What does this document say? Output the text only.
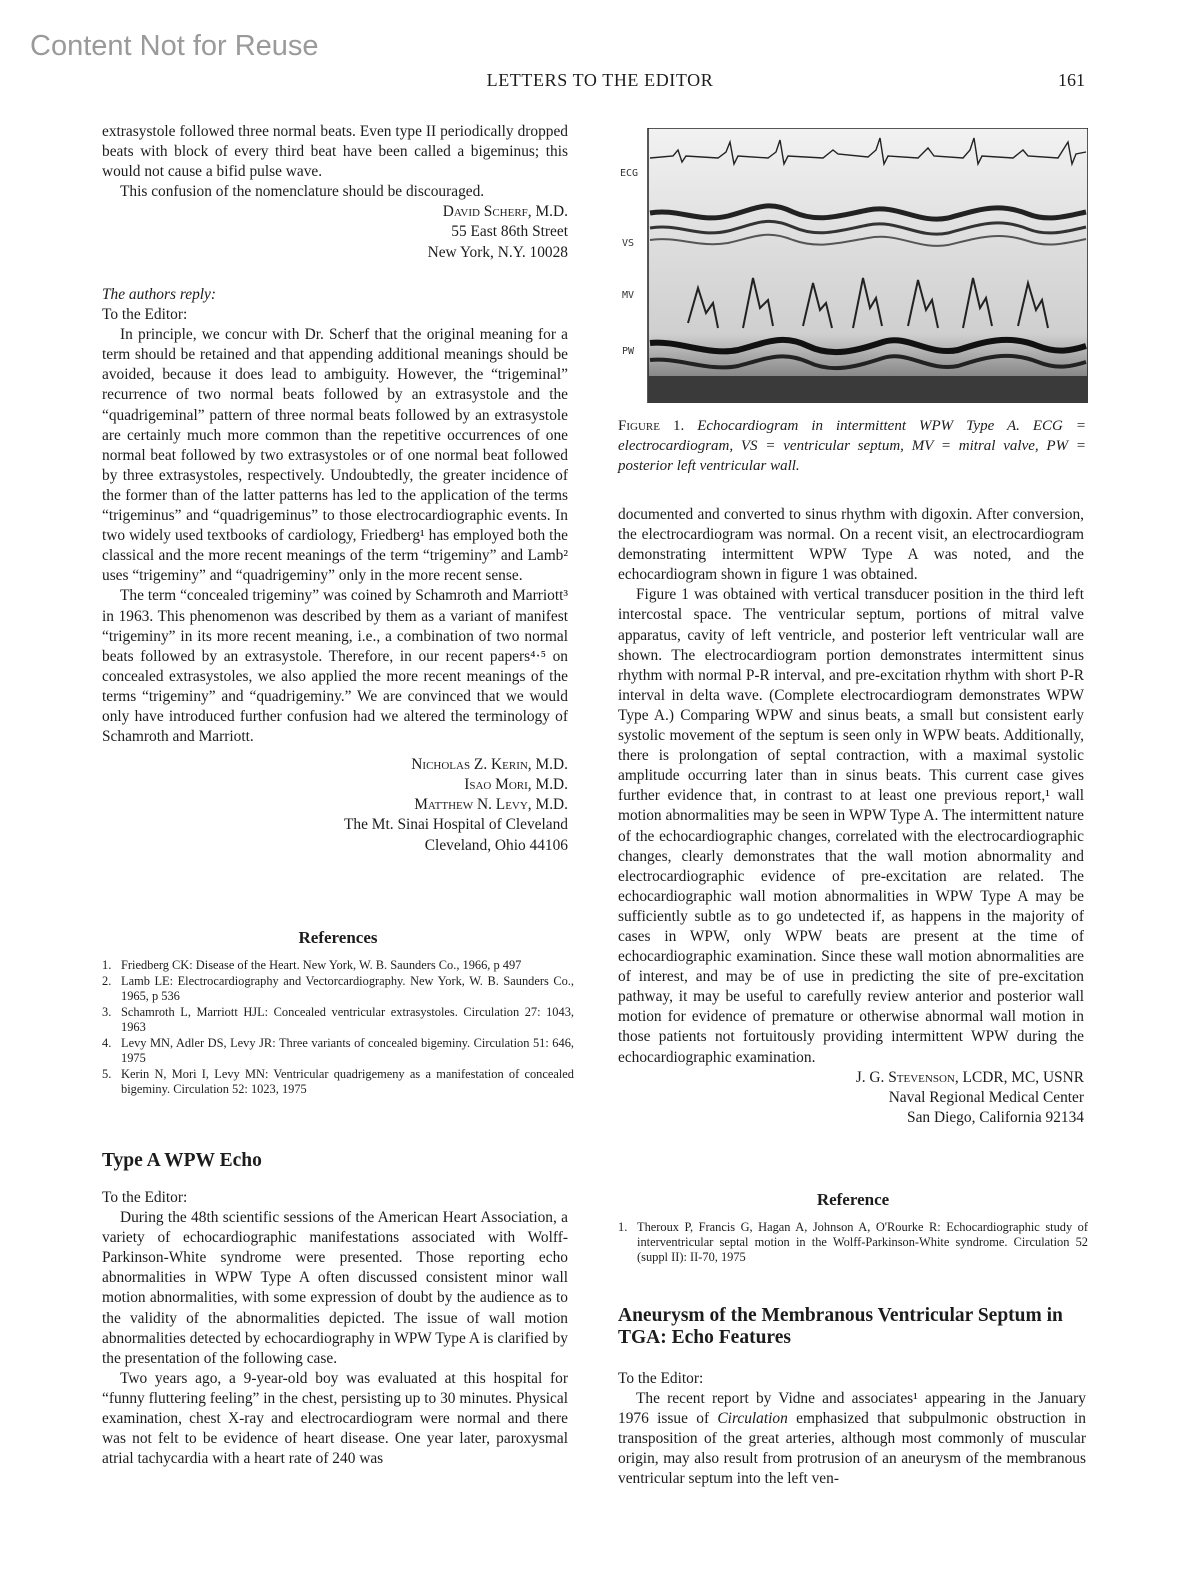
Content Not for Reuse
LETTERS TO THE EDITOR	161

extrasystole followed three normal beats. Even type II periodically dropped beats with block of every third beat have been called a bigeminus; this would not cause a bifid pulse wave.

This confusion of the nomenclature should be discouraged.

David Scherf, M.D.
55 East 86th Street
New York, N.Y. 10028

The authors reply:

To the Editor:

In principle, we concur with Dr. Scherf that the original meaning for a term should be retained and that appending additional meanings should be avoided, because it does lead to ambiguity. However, the “trigeminal” recurrence of two normal beats followed by an extrasystole and the “quadrigeminal” pattern of three normal beats followed by an extrasystole are certainly much more common than the repetitive occurrences of one normal beat followed by two extrasystoles or of one normal beat followed by three extrasystoles, respectively. Undoubtedly, the greater incidence of the former than of the latter patterns has led to the application of the terms “trigeminus” and “quadrigeminus” to those electrocardiographic events. In two widely used textbooks of cardiology, Friedberg¹ has employed both the classical and the more recent meanings of the term “trigeminy” and Lamb² uses “trigeminy” and “quadrigeminy” only in the more recent sense.

The term “concealed trigeminy” was coined by Schamroth and Marriott³ in 1963. This phenomenon was described by them as a variant of manifest “trigeminy” in its more recent meaning, i.e., a combination of two normal beats followed by an extrasystole. Therefore, in our recent papers⁴·⁵ on concealed extrasystoles, we also applied the more recent meanings of the terms “trigeminy” and “quadrigeminy.” We are convinced that we would only have introduced further confusion had we altered the terminology of Schamroth and Marriott.

Nicholas Z. Kerin, M.D.
Isao Mori, M.D.
Matthew N. Levy, M.D.
The Mt. Sinai Hospital of Cleveland
Cleveland, Ohio 44106

References

1. Friedberg CK: Disease of the Heart. New York, W. B. Saunders Co., 1966, p 497
2. Lamb LE: Electrocardiography and Vectorcardiography. New York, W. B. Saunders Co., 1965, p 536
3. Schamroth L, Marriott HJL: Concealed ventricular extrasystoles. Circulation 27: 1043, 1963
4. Levy MN, Adler DS, Levy JR: Three variants of concealed bigeminy. Circulation 51: 646, 1975
5. Kerin N, Mori I, Levy MN: Ventricular quadrigemeny as a manifestation of concealed bigeminy. Circulation 52: 1023, 1975

Type A WPW Echo

To the Editor:

During the 48th scientific sessions of the American Heart Association, a variety of echocardiographic manifestations associated with Wolff-Parkinson-White syndrome were presented. Those reporting echo abnormalities in WPW Type A often discussed consistent minor wall motion abnormalities, with some expression of doubt by the audience as to the validity of the abnormalities depicted. The issue of wall motion abnormalities detected by echocardiography in WPW Type A is clarified by the presentation of the following case.

Two years ago, a 9-year-old boy was evaluated at this hospital for “funny fluttering feeling” in the chest, persisting up to 30 minutes. Physical examination, chest X-ray and electrocardiogram were normal and there was not felt to be evidence of heart disease. One year later, paroxysmal atrial tachycardia with a heart rate of 240 was

ECG
VS
MV
PW
Figure 1. Echocardiogram in intermittent WPW Type A. ECG = electrocardiogram, VS = ventricular septum, MV = mitral valve, PW = posterior left ventricular wall.

documented and converted to sinus rhythm with digoxin. After conversion, the electrocardiogram was normal. On a recent visit, an electrocardiogram demonstrating intermittent WPW Type A was noted, and the echocardiogram shown in figure 1 was obtained.

Figure 1 was obtained with vertical transducer position in the third left intercostal space. The ventricular septum, portions of mitral valve apparatus, cavity of left ventricle, and posterior left ventricular wall are shown. The electrocardiogram portion demonstrates intermittent sinus rhythm with normal P-R interval, and pre-excitation rhythm with short P-R interval in delta wave. (Complete electrocardiogram demonstrates WPW Type A.) Comparing WPW and sinus beats, a small but consistent early systolic movement of the septum is seen only in WPW beats. Additionally, there is prolongation of septal contraction, with a maximal systolic amplitude occurring later than in sinus beats. This current case gives further evidence that, in contrast to at least one previous report,¹ wall motion abnormalities may be seen in WPW Type A. The intermittent nature of the echocardiographic changes, correlated with the electrocardiographic changes, clearly demonstrates that the wall motion abnormality and electrocardiographic evidence of pre-excitation are related. The echocardiographic wall motion abnormalities in WPW Type A may be sufficiently subtle as to go undetected if, as happens in the majority of cases in WPW, only WPW beats are present at the time of echocardiographic examination. Since these wall motion abnormalities are of interest, and may be of use in predicting the site of pre-excitation pathway, it may be useful to carefully review anterior and posterior wall motion for evidence of premature or otherwise abnormal wall motion in those patients not fortuitously providing intermittent WPW during the echocardiographic examination.

J. G. Stevenson, LCDR, MC, USNR
Naval Regional Medical Center
San Diego, California 92134

Reference

1. Theroux P, Francis G, Hagan A, Johnson A, O'Rourke R: Echocardiographic study of interventricular septal motion in the Wolff-Parkinson-White syndrome. Circulation 52 (suppl II): II-70, 1975

Aneurysm of the Membranous Ventricular Septum in TGA: Echo Features

To the Editor:

The recent report by Vidne and associates¹ appearing in the January 1976 issue of Circulation emphasized that subpulmonic obstruction in transposition of the great arteries, although most commonly of muscular origin, may also result from protrusion of an aneurysm of the membranous ventricular septum into the left ven-
